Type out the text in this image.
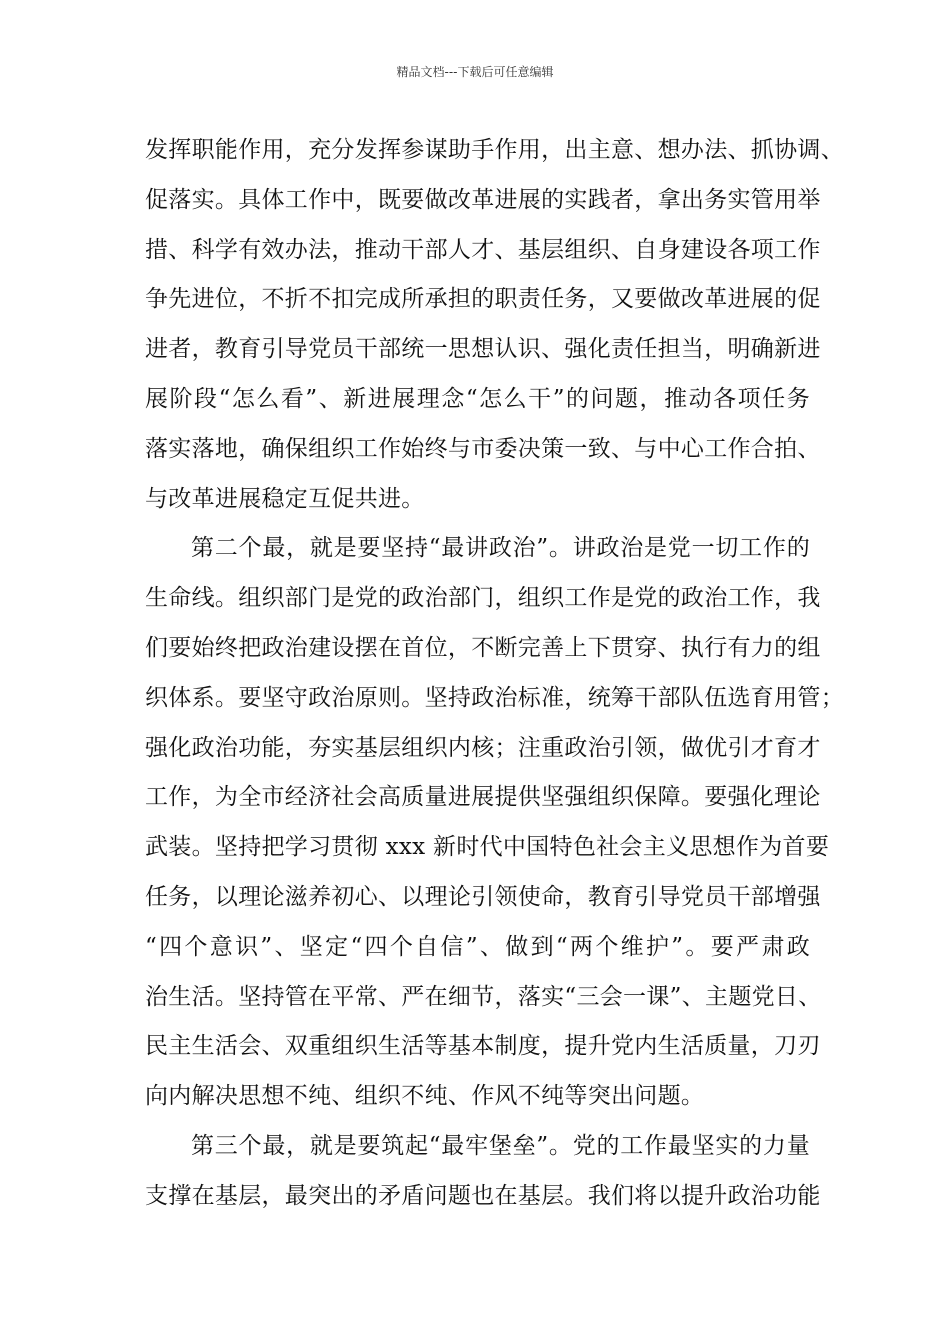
精品文档---下载后可任意编辑
发挥职能作用，充分发挥参谋助手作用，出主意、想办法、抓协调、
促落实。具体工作中，既要做改革进展的实践者，拿出务实管用举
措、科学有效办法，推动干部人才、基层组织、自身建设各项工作
争先进位，不折不扣完成所承担的职责任务，又要做改革进展的促
进者，教育引导党员干部统一思想认识、强化责任担当，明确新进
展阶段“怎么看”、新进展理念“怎么干”的问题，推动各项任务
落实落地，确保组织工作始终与市委决策一致、与中心工作合拍、
与改革进展稳定互促共进。
第二个最，就是要坚持“最讲政治”。讲政治是党一切工作的
生命线。组织部门是党的政治部门，组织工作是党的政治工作，我
们要始终把政治建设摆在首位，不断完善上下贯穿、执行有力的组
织体系。要坚守政治原则。坚持政治标准，统筹干部队伍选育用管；
强化政治功能，夯实基层组织内核；注重政治引领，做优引才育才
工作，为全市经济社会高质量进展提供坚强组织保障。要强化理论
武装。坚持把学习贯彻 xxx 新时代中国特色社会主义思想作为首要
任务，以理论滋养初心、以理论引领使命，教育引导党员干部增强
“四个意识”、坚定“四个自信”、做到“两个维护”。要严肃政
治生活。坚持管在平常、严在细节，落实“三会一课”、主题党日、
民主生活会、双重组织生活等基本制度，提升党内生活质量，刀刃
向内解决思想不纯、组织不纯、作风不纯等突出问题。
第三个最，就是要筑起“最牢堡垒”。党的工作最坚实的力量
支撑在基层，最突出的矛盾问题也在基层。我们将以提升政治功能
